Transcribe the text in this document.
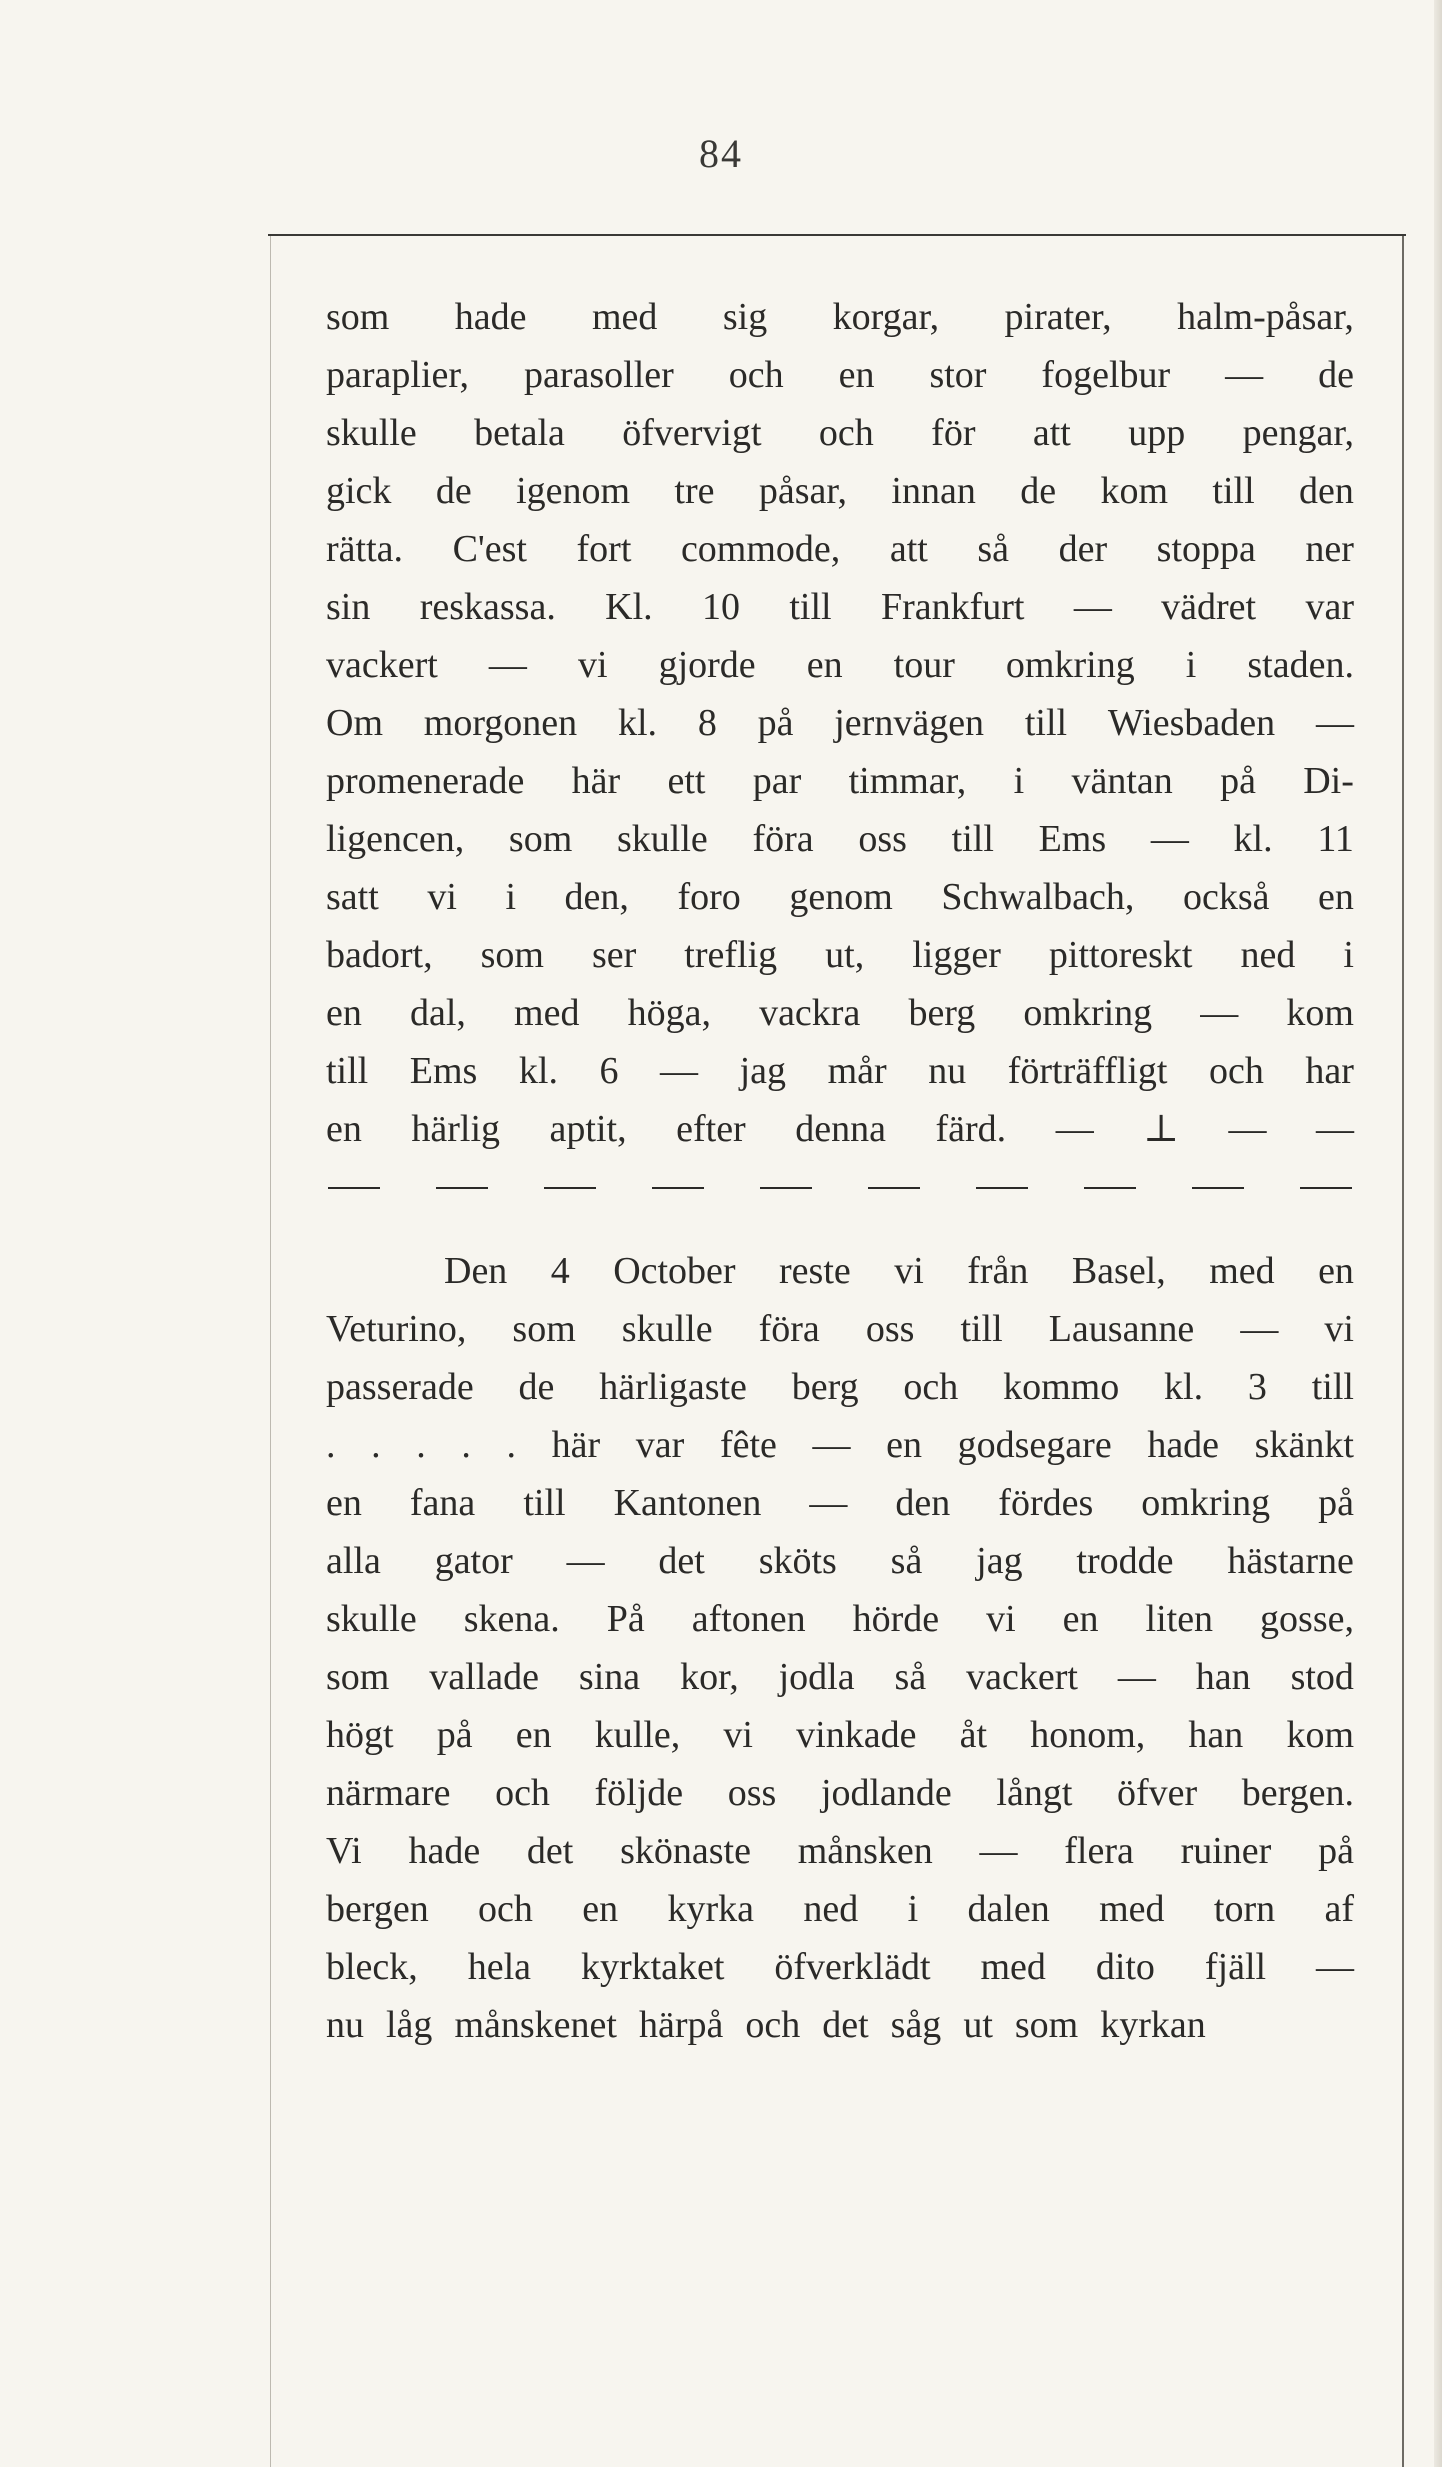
84
som hade med sig korgar, pirater, halm-påsar,
paraplier, parasoller och en stor fogelbur — de
skulle betala öfvervigt och för att upp pengar,
gick de igenom tre påsar, innan de kom till den
rätta. C'est fort commode, att så der stoppa ner
sin reskassa. Kl. 10 till Frankfurt — vädret var
vackert — vi gjorde en tour omkring i staden.
Om morgonen kl. 8 på jernvägen till Wiesbaden —
promenerade här ett par timmar, i väntan på Di-
ligencen, som skulle föra oss till Ems — kl. 11
satt vi i den, foro genom Schwalbach, också en
badort, som ser treflig ut, ligger pittoreskt ned i
en dal, med höga, vackra berg omkring — kom
till Ems kl. 6 — jag mår nu förträffligt och har
en härlig aptit, efter denna färd. — ⊥ — —
Den 4 October reste vi från Basel, med en
Veturino, som skulle föra oss till Lausanne — vi
passerade de härligaste berg och kommo kl. 3 till
. . . . . här var fête — en godsegare hade skänkt
en fana till Kantonen — den fördes omkring på
alla gator — det sköts så jag trodde hästarne
skulle skena. På aftonen hörde vi en liten gosse,
som vallade sina kor, jodla så vackert — han stod
högt på en kulle, vi vinkade åt honom, han kom
närmare och följde oss jodlande långt öfver bergen.
Vi hade det skönaste månsken — flera ruiner på
bergen och en kyrka ned i dalen med torn af
bleck, hela kyrktaket öfverklädt med dito fjäll —
nu låg månskenet härpå och det såg ut som kyrkan
